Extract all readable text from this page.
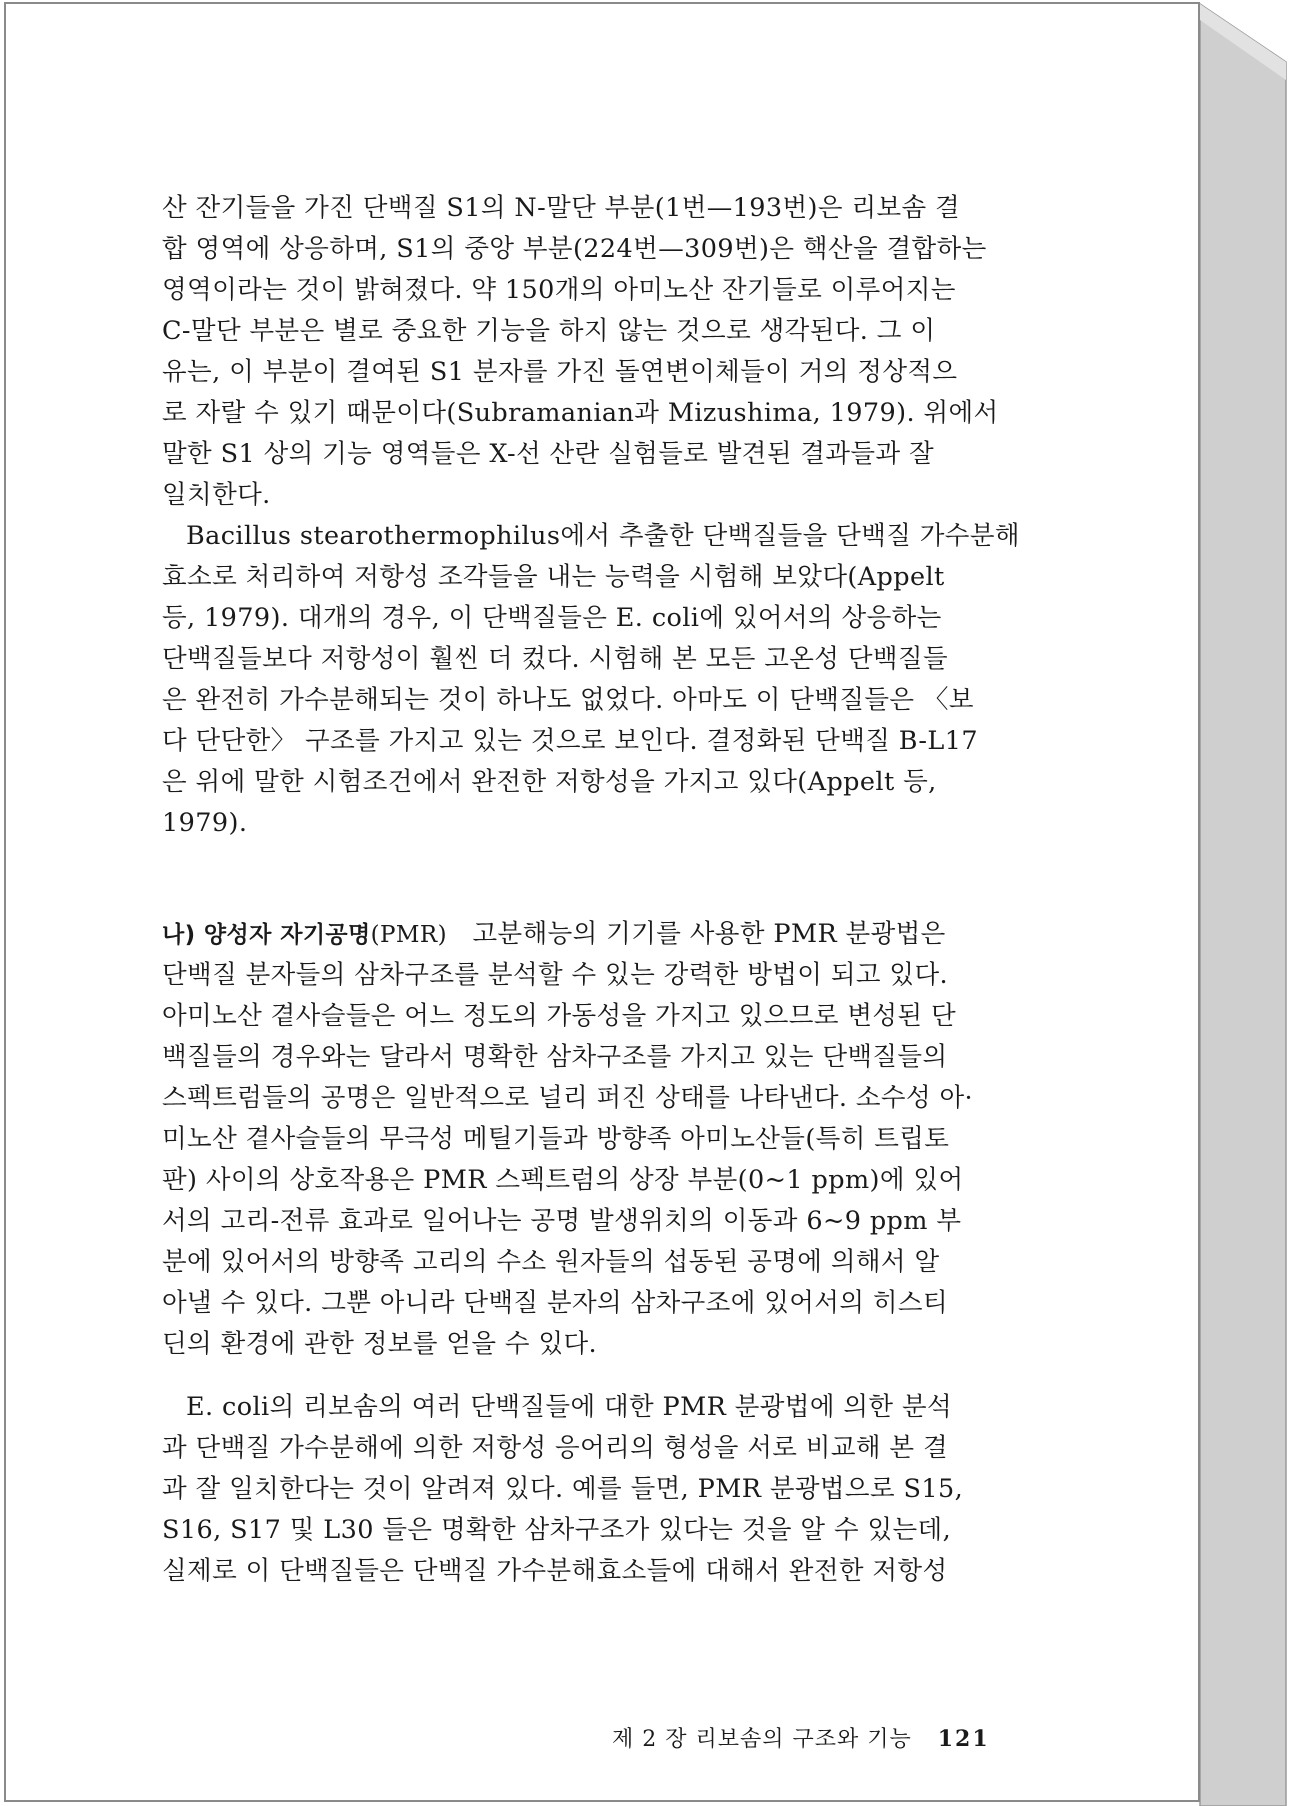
산 잔기들을 가진 단백질 S1의 N-말단 부분(1번—193번)은 리보솜 결
합 영역에 상응하며, S1의 중앙 부분(224번—309번)은 핵산을 결합하는
영역이라는 것이 밝혀졌다. 약 150개의 아미노산 잔기들로 이루어지는
C-말단 부분은 별로 중요한 기능을 하지 않는 것으로 생각된다. 그 이
유는, 이 부분이 결여된 S1 분자를 가진 돌연변이체들이 거의 정상적으
로 자랄 수 있기 때문이다(Subramanian과 Mizushima, 1979). 위에서
말한 S1 상의 기능 영역들은 X-선 산란 실험들로 발견된 결과들과 잘
일치한다.
Bacillus stearothermophilus에서 추출한 단백질들을 단백질 가수분해
효소로 처리하여 저항성 조각들을 내는 능력을 시험해 보았다(Appelt
등, 1979). 대개의 경우, 이 단백질들은 E. coli에 있어서의 상응하는
단백질들보다 저항성이 훨씬 더 컸다. 시험해 본 모든 고온성 단백질들
은 완전히 가수분해되는 것이 하나도 없었다. 아마도 이 단백질들은 〈보
다 단단한〉 구조를 가지고 있는 것으로 보인다. 결정화된 단백질 B-L17
은 위에 말한 시험조건에서 완전한 저항성을 가지고 있다(Appelt 등,
1979).
나) 양성자 자기공명(PMR) 고분해능의 기기를 사용한 PMR 분광법은
단백질 분자들의 삼차구조를 분석할 수 있는 강력한 방법이 되고 있다.
아미노산 곁사슬들은 어느 정도의 가동성을 가지고 있으므로 변성된 단
백질들의 경우와는 달라서 명확한 삼차구조를 가지고 있는 단백질들의
스펙트럼들의 공명은 일반적으로 널리 퍼진 상태를 나타낸다. 소수성 아·
미노산 곁사슬들의 무극성 메틸기들과 방향족 아미노산들(특히 트립토
판) 사이의 상호작용은 PMR 스펙트럼의 상장 부분(0~1 ppm)에 있어
서의 고리-전류 효과로 일어나는 공명 발생위치의 이동과 6~9 ppm 부
분에 있어서의 방향족 고리의 수소 원자들의 섭동된 공명에 의해서 알
아낼 수 있다. 그뿐 아니라 단백질 분자의 삼차구조에 있어서의 히스티
딘의 환경에 관한 정보를 얻을 수 있다.
E. coli의 리보솜의 여러 단백질들에 대한 PMR 분광법에 의한 분석
과 단백질 가수분해에 의한 저항성 응어리의 형성을 서로 비교해 본 결
과 잘 일치한다는 것이 알려져 있다. 예를 들면, PMR 분광법으로 S15,
S16, S17 및 L30 들은 명확한 삼차구조가 있다는 것을 알 수 있는데,
실제로 이 단백질들은 단백질 가수분해효소들에 대해서 완전한 저항성
제 2 장 리보솜의 구조와 기능 121
